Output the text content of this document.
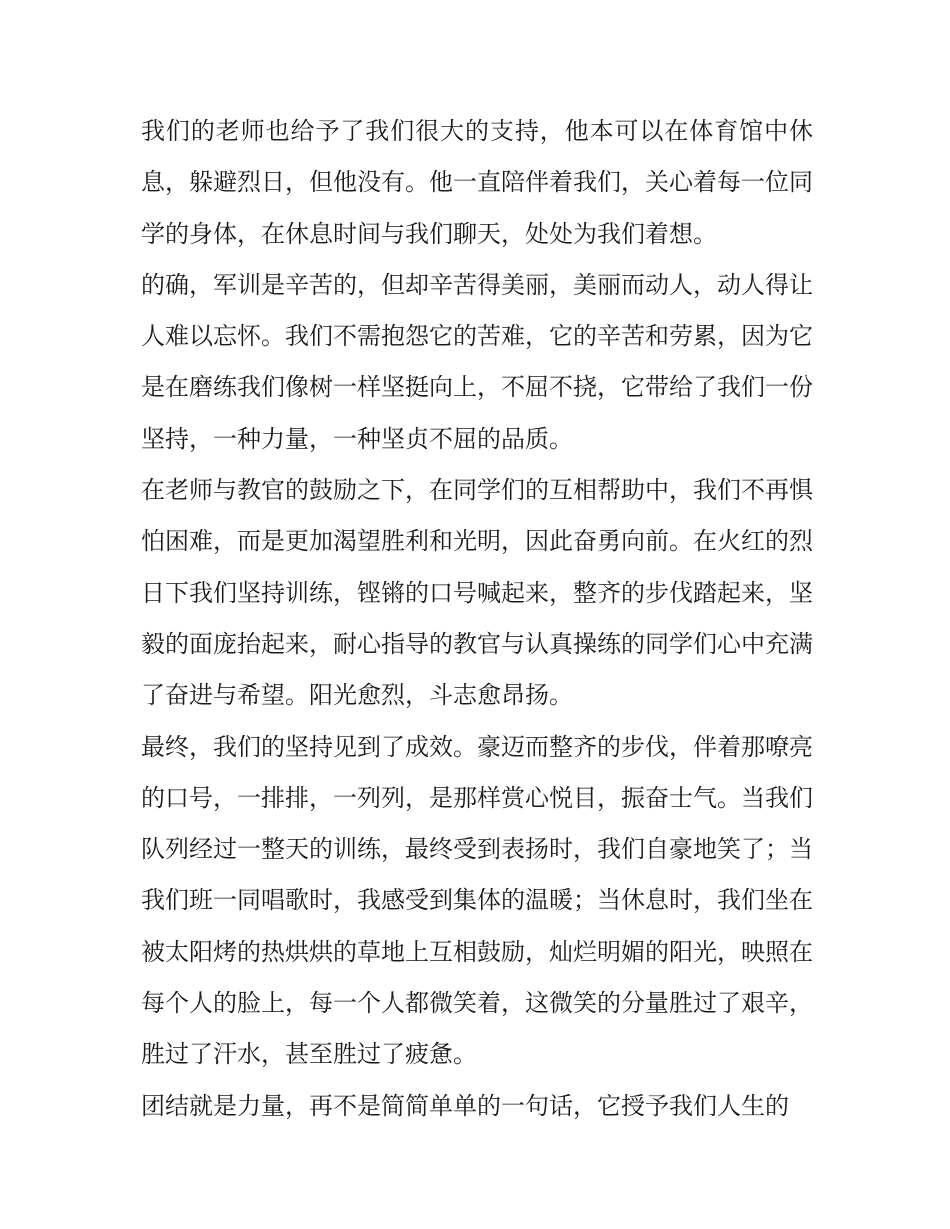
我们的老师也给予了我们很大的支持，他本可以在体育馆中休息，躲避烈日，但他没有。他一直陪伴着我们，关心着每一位同学的身体，在休息时间与我们聊天，处处为我们着想。

的确，军训是辛苦的，但却辛苦得美丽，美丽而动人，动人得让人难以忘怀。我们不需抱怨它的苦难，它的辛苦和劳累，因为它是在磨练我们像树一样坚挺向上，不屈不挠，它带给了我们一份坚持，一种力量，一种坚贞不屈的品质。

在老师与教官的鼓励之下，在同学们的互相帮助中，我们不再惧怕困难，而是更加渴望胜利和光明，因此奋勇向前。在火红的烈日下我们坚持训练，铿锵的口号喊起来，整齐的步伐踏起来，坚毅的面庞抬起来，耐心指导的教官与认真操练的同学们心中充满了奋进与希望。阳光愈烈，斗志愈昂扬。

最终，我们的坚持见到了成效。豪迈而整齐的步伐，伴着那嘹亮的口号，一排排，一列列，是那样赏心悦目，振奋士气。当我们队列经过一整天的训练，最终受到表扬时，我们自豪地笑了；当我们班一同唱歌时，我感受到集体的温暖；当休息时，我们坐在被太阳烤的热烘烘的草地上互相鼓励，灿烂明媚的阳光，映照在每个人的脸上，每一个人都微笑着，这微笑的分量胜过了艰辛，胜过了汗水，甚至胜过了疲惫。

团结就是力量，再不是简简单单的一句话，它授予我们人生的
